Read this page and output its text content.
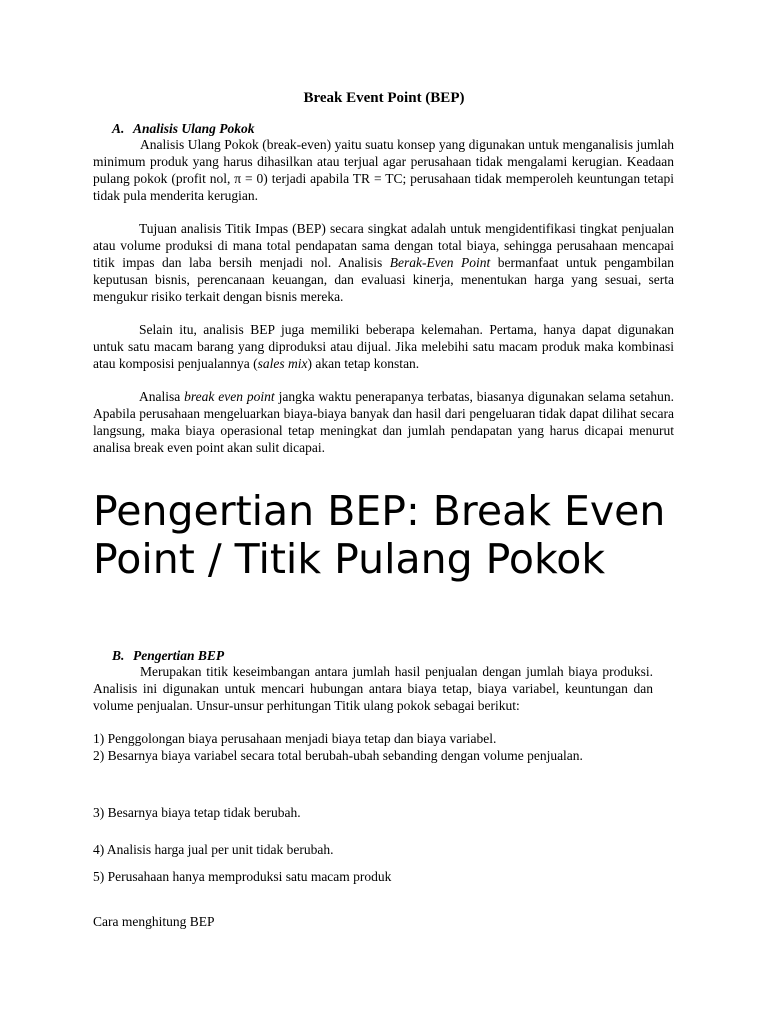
Break Event Point (BEP)
A. Analisis Ulang Pokok
Analisis Ulang Pokok (break-even) yaitu suatu konsep yang digunakan untuk menganalisis jumlah minimum produk yang harus dihasilkan atau terjual agar perusahaan tidak mengalami kerugian. Keadaan pulang pokok (profit nol, π = 0) terjadi apabila TR = TC; perusahaan tidak memperoleh keuntungan tetapi tidak pula menderita kerugian.
Tujuan analisis Titik Impas (BEP) secara singkat adalah untuk mengidentifikasi tingkat penjualan atau volume produksi di mana total pendapatan sama dengan total biaya, sehingga perusahaan mencapai titik impas dan laba bersih menjadi nol. Analisis Berak-Even Point bermanfaat untuk pengambilan keputusan bisnis, perencanaan keuangan, dan evaluasi kinerja, menentukan harga yang sesuai, serta mengukur risiko terkait dengan bisnis mereka.
Selain itu, analisis BEP juga memiliki beberapa kelemahan. Pertama, hanya dapat digunakan untuk satu macam barang yang diproduksi atau dijual. Jika melebihi satu macam produk maka kombinasi atau komposisi penjualannya (sales mix) akan tetap konstan.
Analisa break even point jangka waktu penerapanya terbatas, biasanya digunakan selama setahun. Apabila perusahaan mengeluarkan biaya-biaya banyak dan hasil dari pengeluaran tidak dapat dilihat secara langsung, maka biaya operasional tetap meningkat dan jumlah pendapatan yang harus dicapai menurut analisa break even point akan sulit dicapai.
Pengertian BEP: Break Even Point / Titik Pulang Pokok
B. Pengertian BEP
Merupakan titik keseimbangan antara jumlah hasil penjualan dengan jumlah biaya produksi. Analisis ini digunakan untuk mencari hubungan antara biaya tetap, biaya variabel, keuntungan dan volume penjualan. Unsur-unsur perhitungan Titik ulang pokok sebagai berikut:
1) Penggolongan biaya perusahaan menjadi biaya tetap dan biaya variabel.
2) Besarnya biaya variabel secara total berubah-ubah sebanding dengan volume penjualan.
3) Besarnya biaya tetap tidak berubah.
4) Analisis harga jual per unit tidak berubah.
5) Perusahaan hanya memproduksi satu macam produk
Cara menghitung BEP
